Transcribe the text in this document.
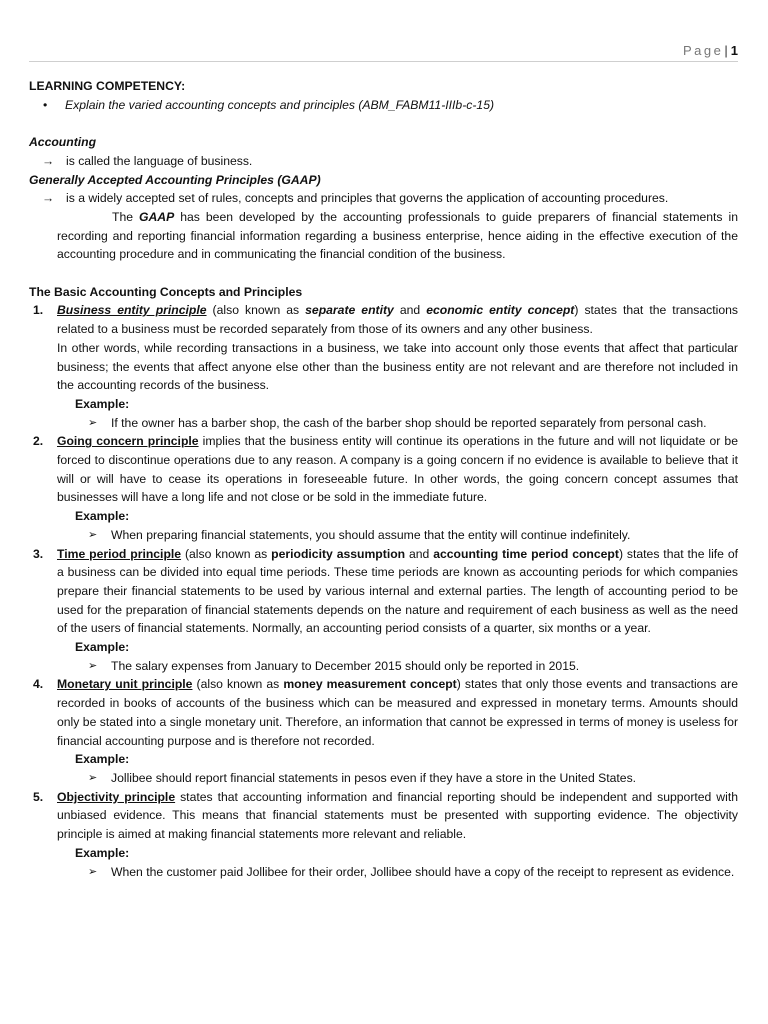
Page| 1

LEARNING COMPETENCY:

• Explain the varied accounting concepts and principles (ABM_FABM11-IIIb-c-15)

Accounting

→ is called the language of business.

Generally Accepted Accounting Principles (GAAP)

→ is a widely accepted set of rules, concepts and principles that governs the application of accounting procedures.

The GAAP has been developed by the accounting professionals to guide preparers of financial statements in recording and reporting financial information regarding a business enterprise, hence aiding in the effective execution of the accounting procedure and in communicating the financial condition of the business.

The Basic Accounting Concepts and Principles

1. Business entity principle (also known as separate entity and economic entity concept) states that the transactions related to a business must be recorded separately from those of its owners and any other business.

In other words, while recording transactions in a business, we take into account only those events that affect that particular business; the events that affect anyone else other than the business entity are not relevant and are therefore not included in the accounting records of the business.

Example:
➢ If the owner has a barber shop, the cash of the barber shop should be reported separately from personal cash.
2. Going concern principle implies that the business entity will continue its operations in the future and will not liquidate or be forced to discontinue operations due to any reason. A company is a going concern if no evidence is available to believe that it will or will have to cease its operations in foreseeable future. In other words, the going concern concept assumes that businesses will have a long life and not close or be sold in the immediate future.

Example:
➢ When preparing financial statements, you should assume that the entity will continue indefinitely.
3. Time period principle (also known as periodicity assumption and accounting time period concept) states that the life of a business can be divided into equal time periods. These time periods are known as accounting periods for which companies prepare their financial statements to be used by various internal and external parties. The length of accounting period to be used for the preparation of financial statements depends on the nature and requirement of each business as well as the need of the users of financial statements. Normally, an accounting period consists of a quarter, six months or a year.

Example:
➢ The salary expenses from January to December 2015 should only be reported in 2015.
4. Monetary unit principle (also known as money measurement concept) states that only those events and transactions are recorded in books of accounts of the business which can be measured and expressed in monetary terms. Amounts should only be stated into a single monetary unit. Therefore, an information that cannot be expressed in terms of money is useless for financial accounting purpose and is therefore not recorded.

Example:
➢ Jollibee should report financial statements in pesos even if they have a store in the United States.
5. Objectivity principle states that accounting information and financial reporting should be independent and supported with unbiased evidence. This means that financial statements must be presented with supporting evidence. The objectivity principle is aimed at making financial statements more relevant and reliable.

Example:
➢ When the customer paid Jollibee for their order, Jollibee should have a copy of the receipt to represent as evidence.
